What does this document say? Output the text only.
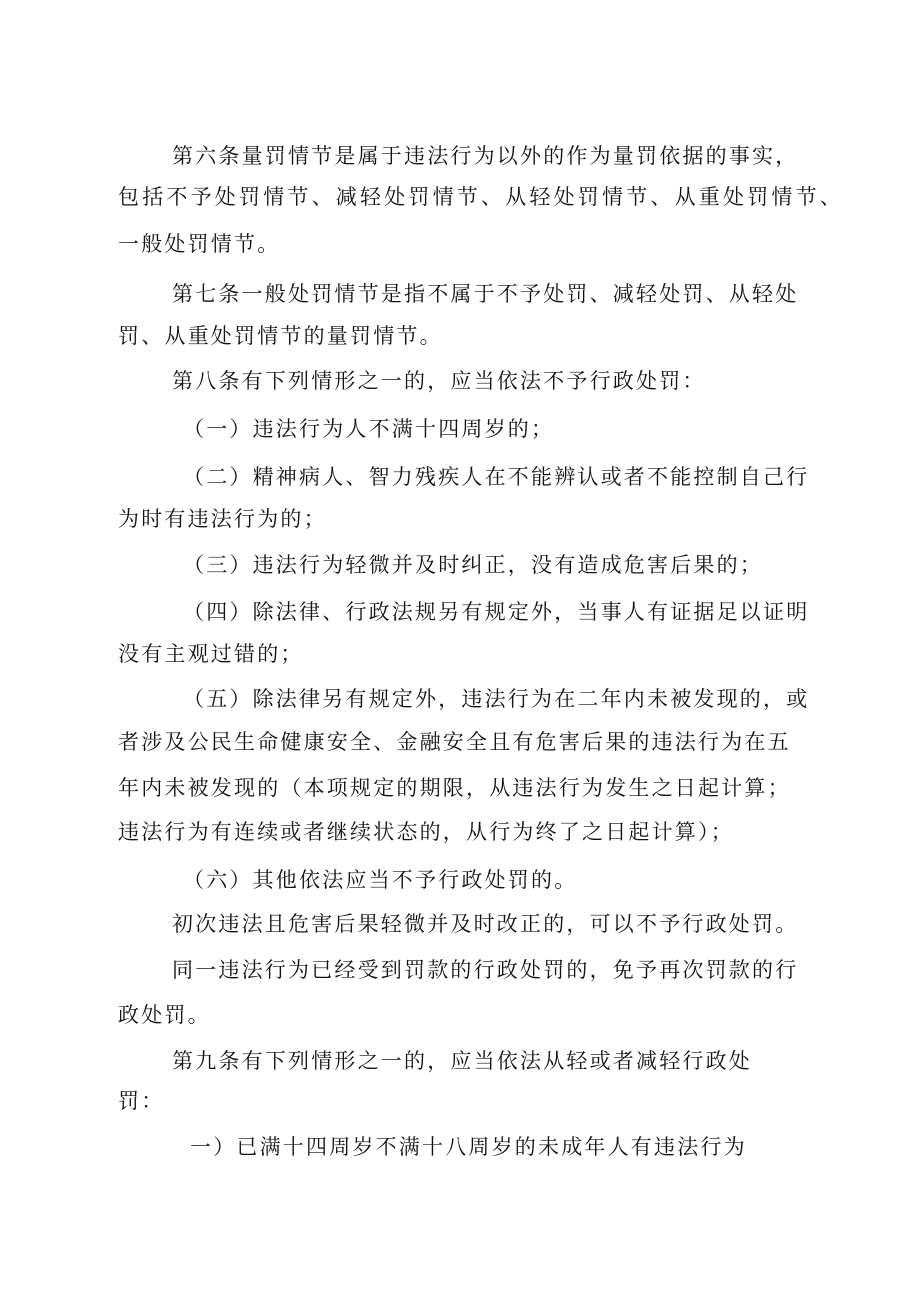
第六条量罚情节是属于违法行为以外的作为量罚依据的事实，
包括不予处罚情节、减轻处罚情节、从轻处罚情节、从重处罚情节、
一般处罚情节。
第七条一般处罚情节是指不属于不予处罚、减轻处罚、从轻处
罚、从重处罚情节的量罚情节。
第八条有下列情形之一的，应当依法不予行政处罚：
（一）违法行为人不满十四周岁的；
（二）精神病人、智力残疾人在不能辨认或者不能控制自己行
为时有违法行为的；
（三）违法行为轻微并及时纠正，没有造成危害后果的；
（四）除法律、行政法规另有规定外，当事人有证据足以证明
没有主观过错的；
（五）除法律另有规定外，违法行为在二年内未被发现的，或
者涉及公民生命健康安全、金融安全且有危害后果的违法行为在五
年内未被发现的（本项规定的期限，从违法行为发生之日起计算；
违法行为有连续或者继续状态的，从行为终了之日起计算）；
（六）其他依法应当不予行政处罚的。
初次违法且危害后果轻微并及时改正的，可以不予行政处罚。
同一违法行为已经受到罚款的行政处罚的，免予再次罚款的行
政处罚。
第九条有下列情形之一的，应当依法从轻或者减轻行政处
罚：
一）已满十四周岁不满十八周岁的未成年人有违法行为
